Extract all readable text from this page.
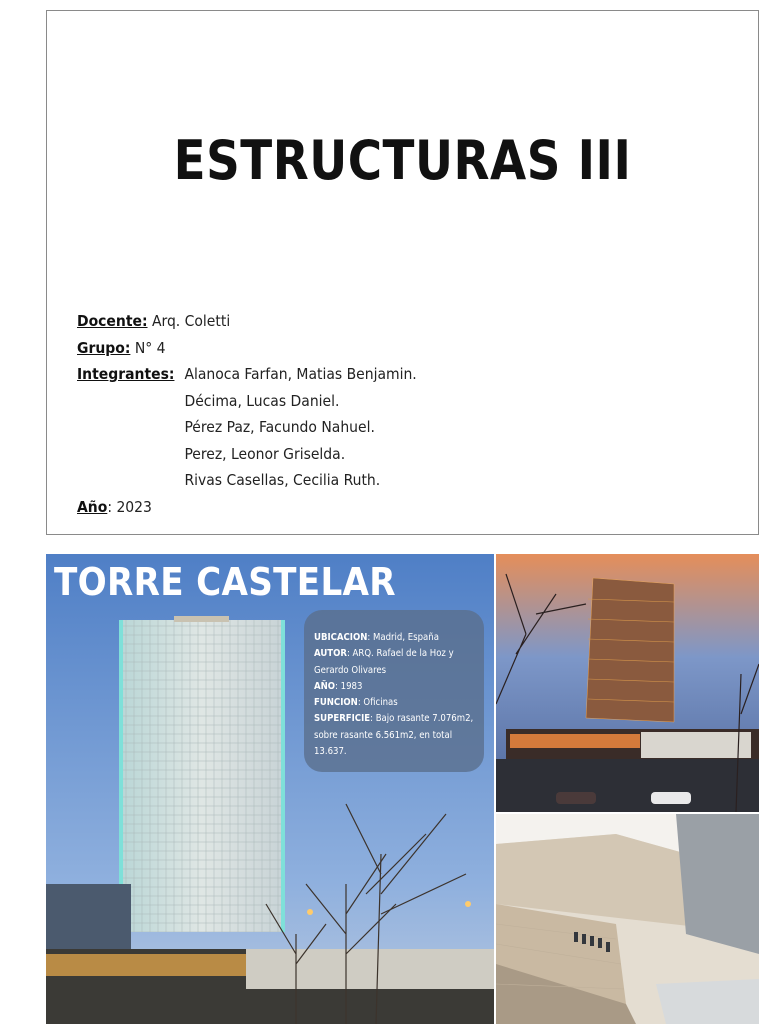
ESTRUCTURAS III
Docente: Arq. Coletti
Grupo: N° 4
Integrantes: Alanoca Farfan, Matias Benjamin.
Décima, Lucas Daniel.
Pérez Paz, Facundo Nahuel.
Perez, Leonor Griselda.
Rivas Casellas, Cecilia Ruth.
Año: 2023
TORRE CASTELAR
UBICACION: Madrid, España
AUTOR: ARQ. Rafael de la Hoz y Gerardo Olivares
AÑO: 1983
FUNCION: Oficinas
SUPERFICIE: Bajo rasante 7.076m2, sobre rasante 6.561m2, en total 13.637.
